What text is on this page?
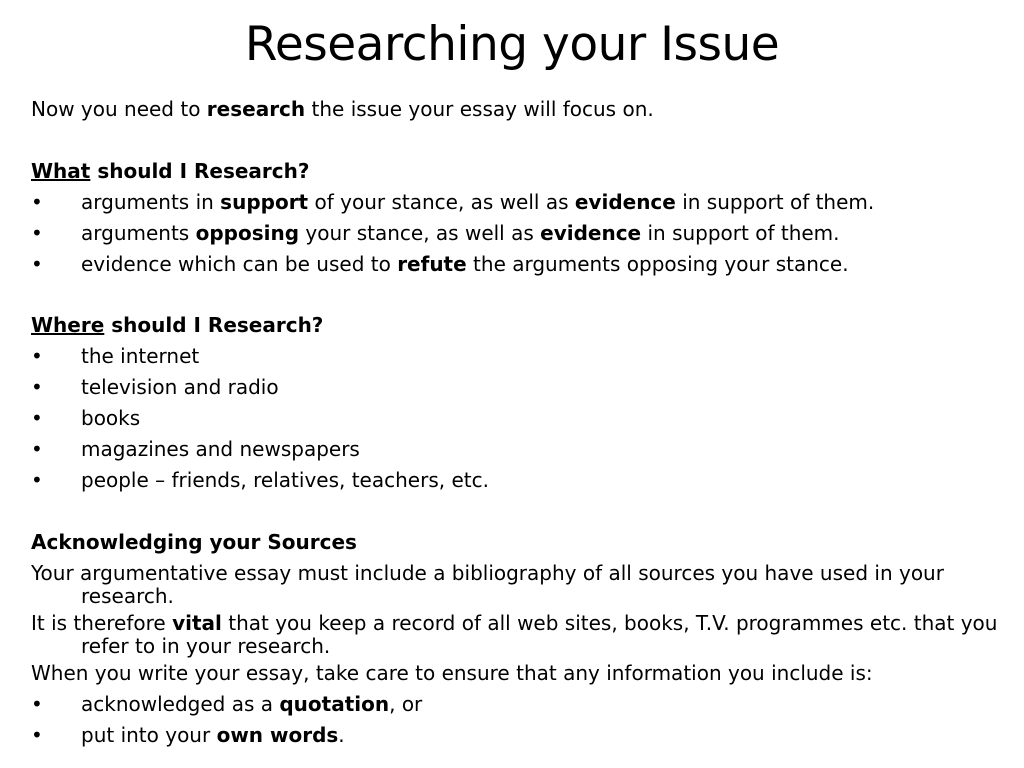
Researching your Issue
Now you need to research the issue your essay will focus on.
What should I Research?
• arguments in support of your stance, as well as evidence in support of them.
• arguments opposing your stance, as well as evidence in support of them.
• evidence which can be used to refute the arguments opposing your stance.
Where should I Research?
• the internet
• television and radio
• books
• magazines and newspapers
• people – friends, relatives, teachers, etc.
Acknowledging your Sources

Your argumentative essay must include a bibliography of all sources you have used in your research.

It is therefore vital that you keep a record of all web sites, books, T.V. programmes etc. that you refer to in your research.

When you write your essay, take care to ensure that any information you include is:
• acknowledged as a quotation, or
• put into your own words.
